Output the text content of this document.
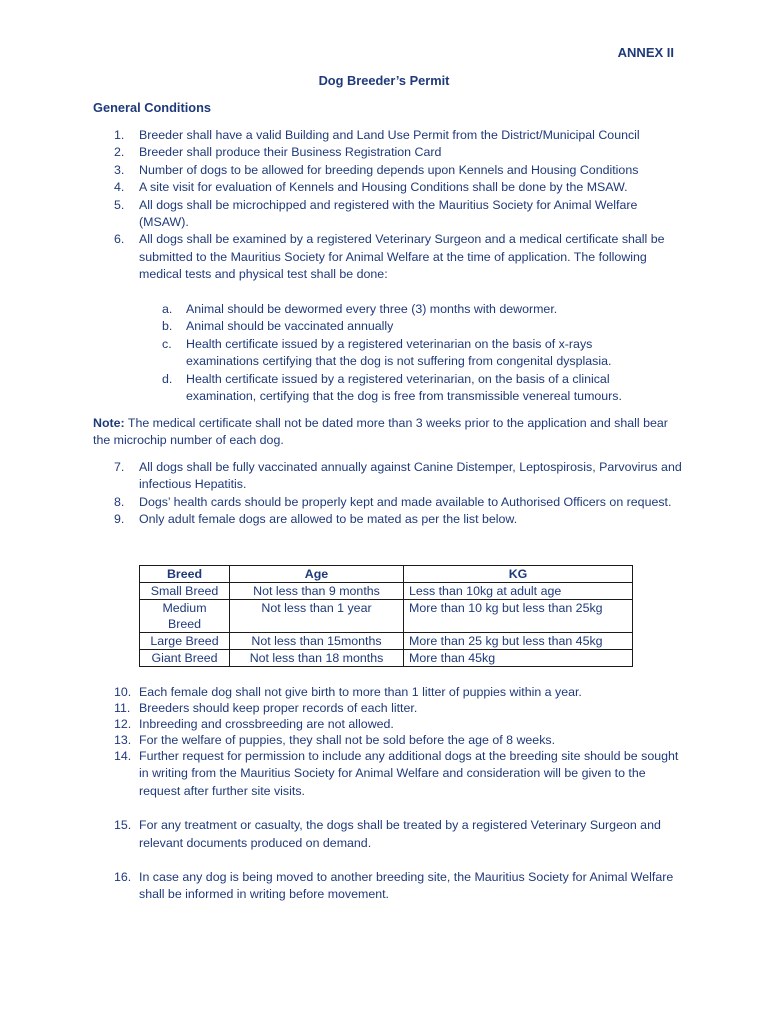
ANNEX II
Dog Breeder’s Permit
General Conditions
1. Breeder shall have a valid Building and Land Use Permit from the District/Municipal Council
2. Breeder shall produce their Business Registration Card
3. Number of dogs to be allowed for breeding depends upon Kennels and Housing Conditions
4. A site visit for evaluation of Kennels and Housing Conditions shall be done by the MSAW.
5. All dogs shall be microchipped and registered with the Mauritius Society for Animal Welfare (MSAW).
6. All dogs shall be examined by a registered Veterinary Surgeon and a medical certificate shall be submitted to the Mauritius Society for Animal Welfare at the time of application. The following medical tests and physical test shall be done:
a. Animal should be dewormed every three (3) months with dewormer.
b. Animal should be vaccinated annually
c. Health certificate issued by a registered veterinarian on the basis of x-rays examinations certifying that the dog is not suffering from congenital dysplasia.
d. Health certificate issued by a registered veterinarian, on the basis of a clinical examination, certifying that the dog is free from transmissible venereal tumours.
Note: The medical certificate shall not be dated more than 3 weeks prior to the application and shall bear the microchip number of each dog.
7. All dogs shall be fully vaccinated annually against Canine Distemper, Leptospirosis, Parvovirus and infectious Hepatitis.
8. Dogs’ health cards should be properly kept and made available to Authorised Officers on request.
9. Only adult female dogs are allowed to be mated as per the list below.
Breed	Age	KG
Small Breed	Not less than 9 months	Less than 10kg at adult age
Medium Breed	Not less than 1 year	More than 10 kg but less than 25kg
Large Breed	Not less than 15months	More than 25 kg but less than 45kg
Giant Breed	Not less than 18 months	More than 45kg
10. Each female dog shall not give birth to more than 1 litter of puppies within a year.
11. Breeders should keep proper records of each litter.
12. Inbreeding and crossbreeding are not allowed.
13. For the welfare of puppies, they shall not be sold before the age of 8 weeks.
14. Further request for permission to include any additional dogs at the breeding site should be sought in writing from the Mauritius Society for Animal Welfare and consideration will be given to the request after further site visits.
15. For any treatment or casualty, the dogs shall be treated by a registered Veterinary Surgeon and relevant documents produced on demand.
16. In case any dog is being moved to another breeding site, the Mauritius Society for Animal Welfare shall be informed in writing before movement.
